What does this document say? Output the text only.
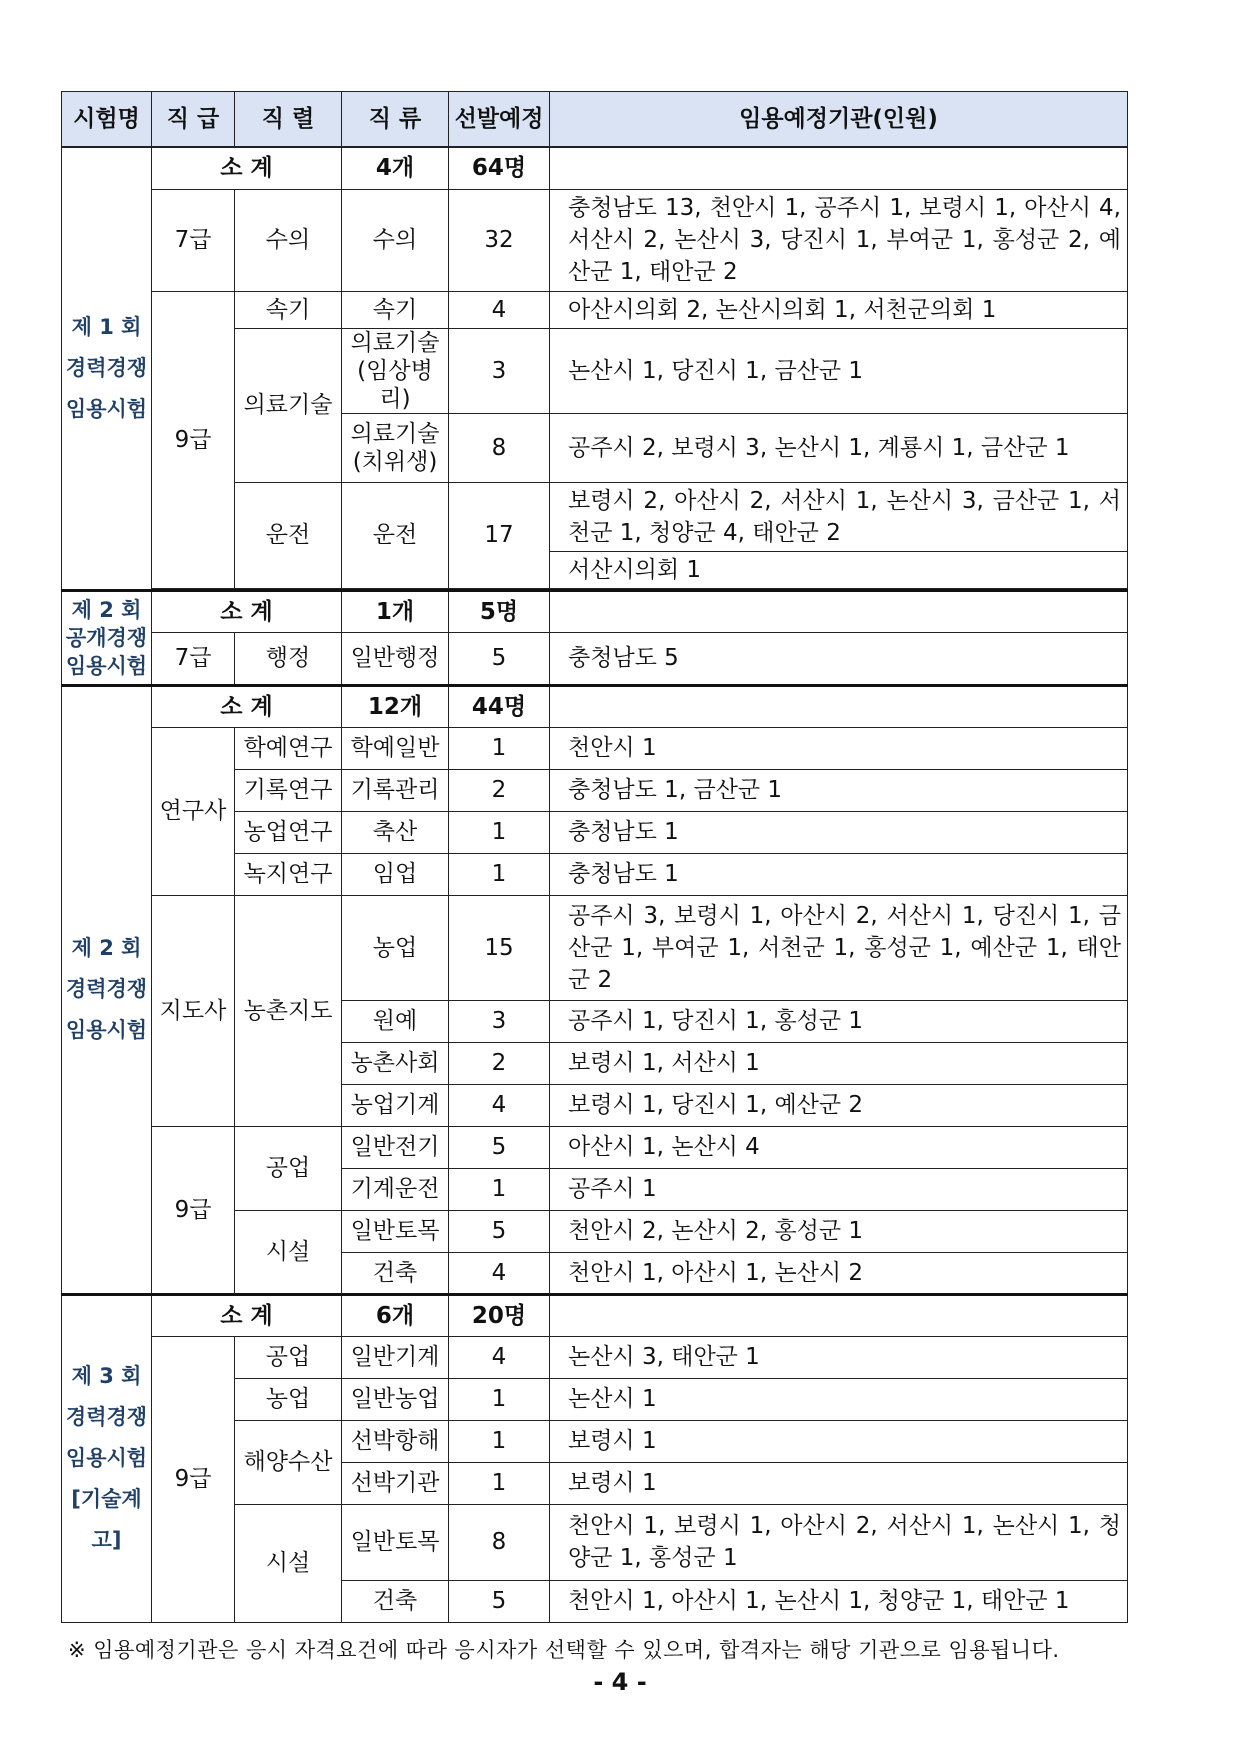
시험명	직 급	직 렬	직 류	선발예정	임용예정기관(인원)

제 1 회
경력경쟁
임용시험	소 계		4개	64명	
	7급	수의	수의	32	충청남도 13, 천안시 1, 공주시 1, 보령시 1, 아산시 4, 서산시 2, 논산시 3, 당진시 1, 부여군 1, 홍성군 2, 예산군 1, 태안군 2
	9급	속기	속기	4	아산시의회 2, 논산시의회 1, 서천군의회 1
		의료기술	의료기술 (임상병리)	3	논산시 1, 당진시 1, 금산군 1
			의료기술 (치위생)	8	공주시 2, 보령시 3, 논산시 1, 계룡시 1, 금산군 1
		운전	운전	17	보령시 2, 아산시 2, 서산시 1, 논산시 3, 금산군 1, 서천군 1, 청양군 4, 태안군 2
					서산시의회 1

제 2 회
공개경쟁
임용시험	소 계		1개	5명	
	7급	행정	일반행정	5	충청남도 5

제 2 회
경력경쟁
임용시험	소 계		12개	44명	
	연구사	학예연구	학예일반	1	천안시 1
		기록연구	기록관리	2	충청남도 1, 금산군 1
		농업연구	축산	1	충청남도 1
		녹지연구	임업	1	충청남도 1
	지도사	농촌지도	농업	15	공주시 3, 보령시 1, 아산시 2, 서산시 1, 당진시 1, 금산군 1, 부여군 1, 서천군 1, 홍성군 1, 예산군 1, 태안군 2
			원예	3	공주시 1, 당진시 1, 홍성군 1
			농촌사회	2	보령시 1, 서산시 1
			농업기계	4	보령시 1, 당진시 1, 예산군 2
	9급	공업	일반전기	5	아산시 1, 논산시 4
			기계운전	1	공주시 1
		시설	일반토목	5	천안시 2, 논산시 2, 홍성군 1
			건축	4	천안시 1, 아산시 1, 논산시 2

제 3 회
경력경쟁
임용시험
[기술계고]	소 계		6개	20명	
	9급	공업	일반기계	4	논산시 3, 태안군 1
		농업	일반농업	1	논산시 1
		해양수산	선박항해	1	보령시 1
			선박기관	1	보령시 1
		시설	일반토목	8	천안시 1, 보령시 1, 아산시 2, 서산시 1, 논산시 1, 청양군 1, 홍성군 1
			건축	5	천안시 1, 아산시 1, 논산시 1, 청양군 1, 태안군 1
※ 임용예정기관은 응시 자격요건에 따라 응시자가 선택할 수 있으며, 합격자는 해당 기관으로 임용됩니다.
- 4 -
